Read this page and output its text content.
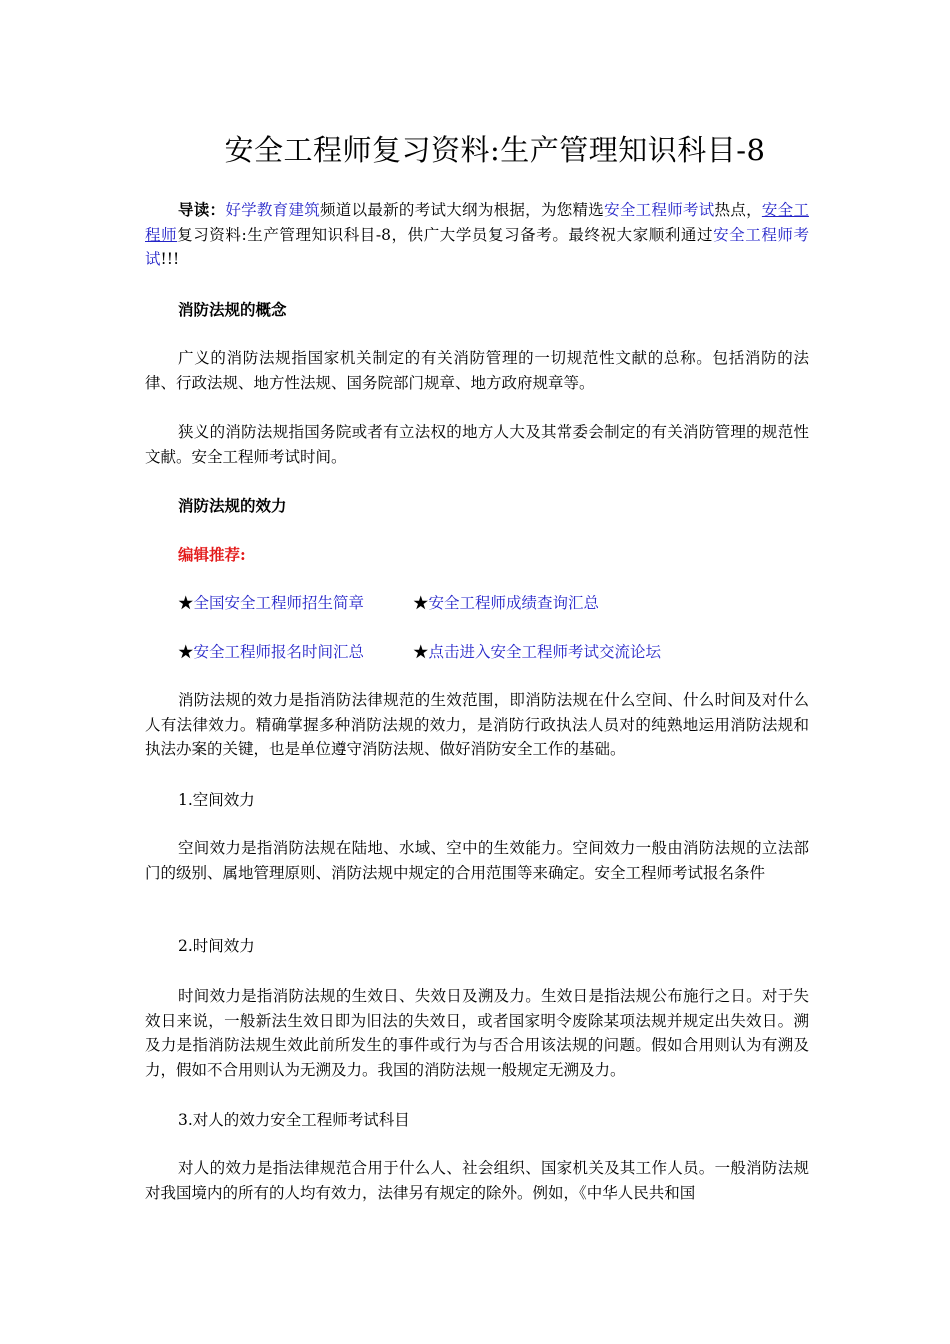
安全工程师复习资料:生产管理知识科目-8
导读：好学教育建筑频道以最新的考试大纲为根据，为您精选安全工程师考试热点，安全工程师复习资料:生产管理知识科目-8，供广大学员复习备考。最终祝大家顺利通过安全工程师考试!!!
消防法规的概念
广义的消防法规指国家机关制定的有关消防管理的一切规范性文献的总称。包括消防的法律、行政法规、地方性法规、国务院部门规章、地方政府规章等。
狭义的消防法规指国务院或者有立法权的地方人大及其常委会制定的有关消防管理的规范性文献。安全工程师考试时间。
消防法规的效力
编辑推荐:
★全国安全工程师招生简章	★安全工程师成绩查询汇总
★安全工程师报名时间汇总	★点击进入安全工程师考试交流论坛
消防法规的效力是指消防法律规范的生效范围，即消防法规在什么空间、什么时间及对什么人有法律效力。精确掌握多种消防法规的效力，是消防行政执法人员对的纯熟地运用消防法规和执法办案的关键，也是单位遵守消防法规、做好消防安全工作的基础。
1.空间效力
空间效力是指消防法规在陆地、水域、空中的生效能力。空间效力一般由消防法规的立法部门的级别、属地管理原则、消防法规中规定的合用范围等来确定。安全工程师考试报名条件
2.时间效力
时间效力是指消防法规的生效日、失效日及溯及力。生效日是指法规公布施行之日。对于失效日来说，一般新法生效日即为旧法的失效日，或者国家明令废除某项法规并规定出失效日。溯及力是指消防法规生效此前所发生的事件或行为与否合用该法规的问题。假如合用则认为有溯及力，假如不合用则认为无溯及力。我国的消防法规一般规定无溯及力。
3.对人的效力安全工程师考试科目
对人的效力是指法律规范合用于什么人、社会组织、国家机关及其工作人员。一般消防法规对我国境内的所有的人均有效力，法律另有规定的除外。例如，《中华人民共和国
